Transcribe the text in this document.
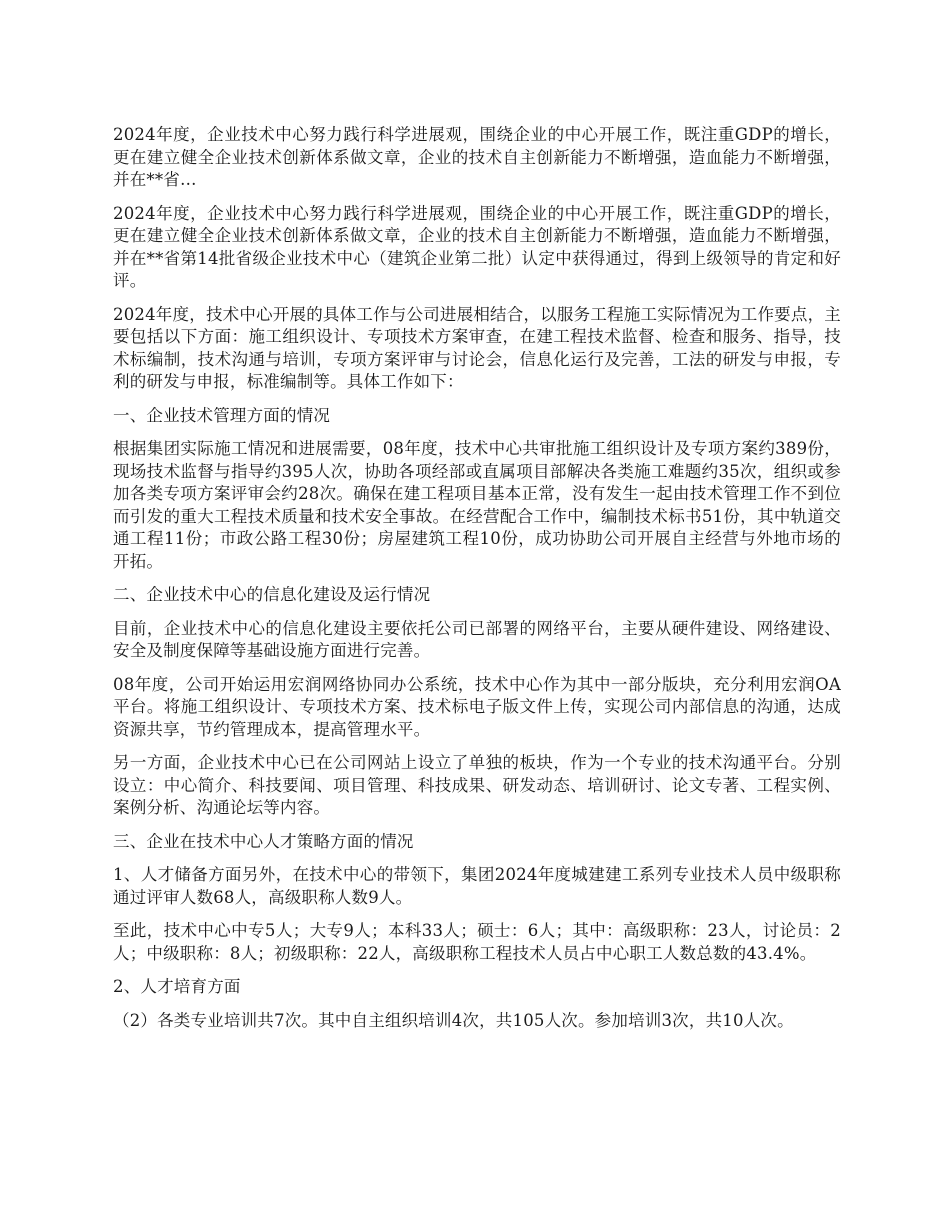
2024年度，企业技术中心努力践行科学进展观，围绕企业的中心开展工作，既注重GDP的增长，更在建立健全企业技术创新体系做文章，企业的技术自主创新能力不断增强，造血能力不断增强，并在**省…

2024年度，企业技术中心努力践行科学进展观，围绕企业的中心开展工作，既注重GDP的增长，更在建立健全企业技术创新体系做文章，企业的技术自主创新能力不断增强，造血能力不断增强，并在**省第14批省级企业技术中心（建筑企业第二批）认定中获得通过，得到上级领导的肯定和好评。

2024年度，技术中心开展的具体工作与公司进展相结合，以服务工程施工实际情况为工作要点，主要包括以下方面：施工组织设计、专项技术方案审查，在建工程技术监督、检查和服务、指导，技术标编制，技术沟通与培训，专项方案评审与讨论会，信息化运行及完善，工法的研发与申报，专利的研发与申报，标准编制等。具体工作如下：

一、企业技术管理方面的情况

根据集团实际施工情况和进展需要，08年度，技术中心共审批施工组织设计及专项方案约389份，现场技术监督与指导约395人次，协助各项经部或直属项目部解决各类施工难题约35次，组织或参加各类专项方案评审会约28次。确保在建工程项目基本正常，没有发生一起由技术管理工作不到位而引发的重大工程技术质量和技术安全事故。在经营配合工作中，编制技术标书51份，其中轨道交通工程11份；市政公路工程30份；房屋建筑工程10份，成功协助公司开展自主经营与外地市场的开拓。

二、企业技术中心的信息化建设及运行情况

目前，企业技术中心的信息化建设主要依托公司已部署的网络平台，主要从硬件建设、网络建设、安全及制度保障等基础设施方面进行完善。

08年度，公司开始运用宏润网络协同办公系统，技术中心作为其中一部分版块，充分利用宏润OA平台。将施工组织设计、专项技术方案、技术标电子版文件上传，实现公司内部信息的沟通，达成资源共享，节约管理成本，提高管理水平。

另一方面，企业技术中心已在公司网站上设立了单独的板块，作为一个专业的技术沟通平台。分别设立：中心简介、科技要闻、项目管理、科技成果、研发动态、培训研讨、论文专著、工程实例、案例分析、沟通论坛等内容。

三、企业在技术中心人才策略方面的情况

1、人才储备方面另外，在技术中心的带领下，集团2024年度城建建工系列专业技术人员中级职称通过评审人数68人，高级职称人数9人。

至此，技术中心中专5人；大专9人；本科33人；硕士：6人；其中：高级职称：23人，讨论员：2人；中级职称：8人；初级职称：22人，高级职称工程技术人员占中心职工人数总数的43.4%。

2、人才培育方面

（2）各类专业培训共7次。其中自主组织培训4次，共105人次。参加培训3次，共10人次。
